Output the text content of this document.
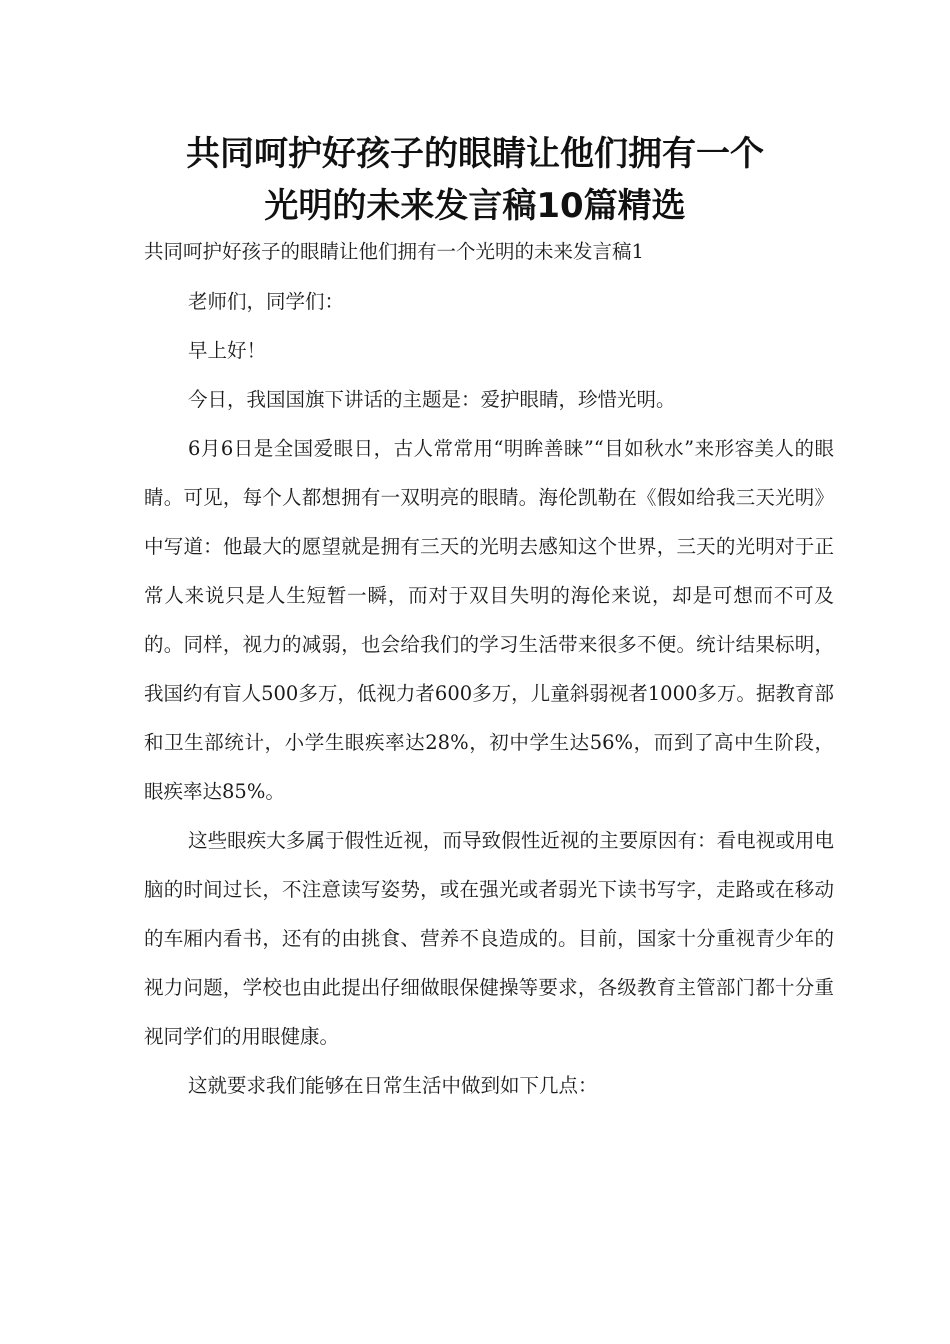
共同呵护好孩子的眼睛让他们拥有一个
光明的未来发言稿10篇精选
共同呵护好孩子的眼睛让他们拥有一个光明的未来发言稿1

老师们，同学们：

早上好！

今日，我国国旗下讲话的主题是：爱护眼睛，珍惜光明。

6月6日是全国爱眼日，古人常常用“明眸善睐”“目如秋水”来形容美人的眼睛。可见，每个人都想拥有一双明亮的眼睛。海伦凯勒在《假如给我三天光明》中写道：他最大的愿望就是拥有三天的光明去感知这个世界，三天的光明对于正常人来说只是人生短暂一瞬，而对于双目失明的海伦来说，却是可想而不可及的。同样，视力的减弱，也会给我们的学习生活带来很多不便。统计结果标明，我国约有盲人500多万，低视力者600多万，儿童斜弱视者1000多万。据教育部和卫生部统计，小学生眼疾率达28%，初中学生达56%，而到了高中生阶段，眼疾率达85%。

这些眼疾大多属于假性近视，而导致假性近视的主要原因有：看电视或用电脑的时间过长，不注意读写姿势，或在强光或者弱光下读书写字，走路或在移动的车厢内看书，还有的由挑食、营养不良造成的。目前，国家十分重视青少年的视力问题，学校也由此提出仔细做眼保健操等要求，各级教育主管部门都十分重视同学们的用眼健康。

这就要求我们能够在日常生活中做到如下几点：
